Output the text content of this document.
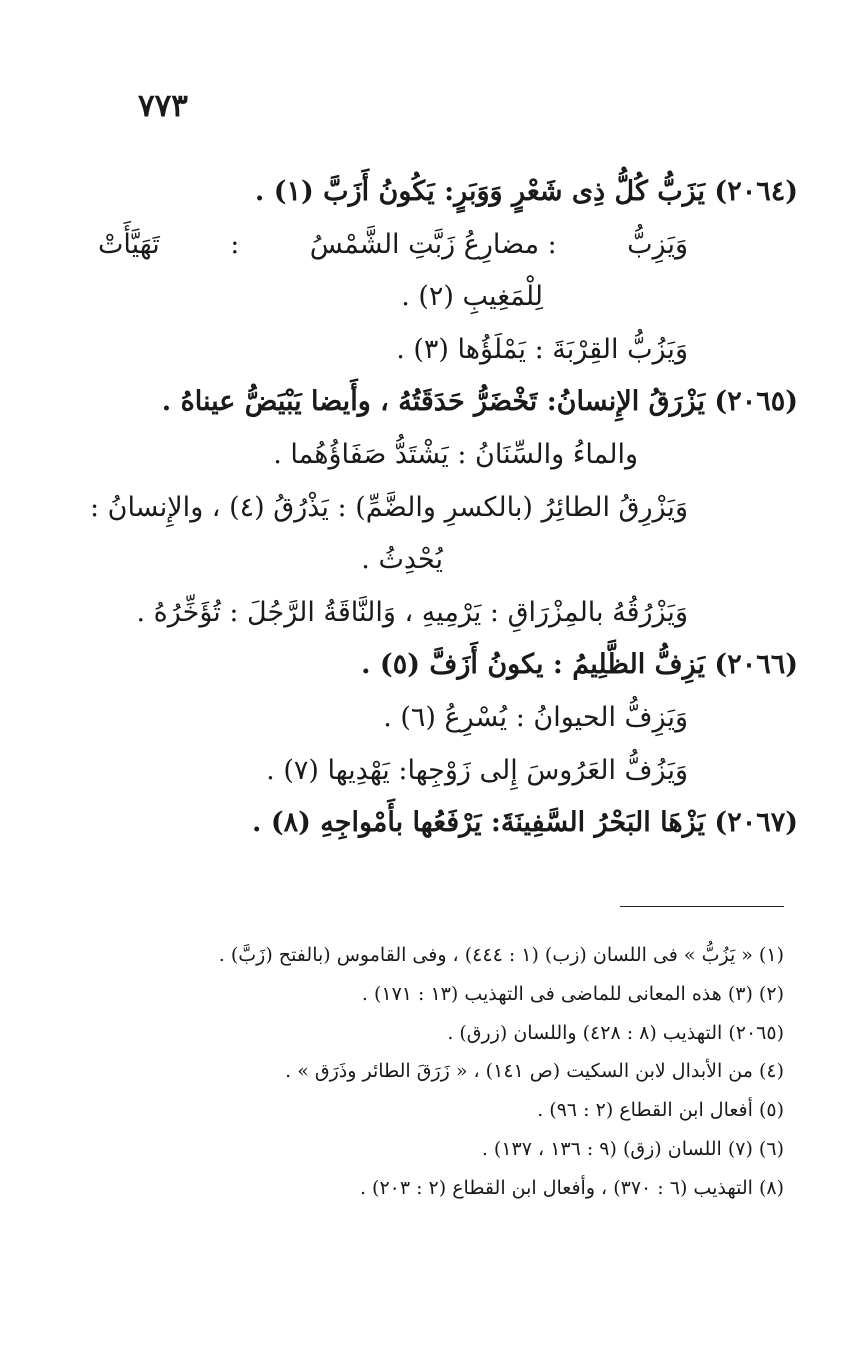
٧٧٣
(٢٠٦٤) يَزَبُّ كُلُّ ذِى شَعْرٍ وَوَبَرٍ: يَكُونُ أَزَبَّ (١) .
وَيَزِبُّ
: مضارِعُ زَبَّتِ الشَّمْسُ
:
تَهَيَّأَتْ
لِلْمَغِيبِ (٢) .
وَيَزُبُّ القِرْبَةَ : يَمْلَؤُها (٣) .
(٢٠٦٥) يَزْرَقُ الإِنسانُ: تَخْضَرُّ حَدَقَتُهُ ، وأَيضا يَبْيَضُّ عيناهُ .
والماءُ والسِّنَانُ : يَشْتَدُّ صَفَاؤُهُما .
وَيَزْرِقُ الطائِرُ (بالكسرِ والضَّمِّ) : يَذْرُقُ (٤) ، والإِنسانُ :
يُحْدِثُ .
وَيَزْرُقُهُ بالمِزْرَاقِ : يَرْمِيهِ ، وَالنَّاقَةُ الرَّجُلَ : تُؤَخِّرُهُ .
(٢٠٦٦) يَزِفُّ الظَّلِيمُ : يكونُ أَزَفَّ (٥) .
وَيَزِفُّ الحيوانُ : يُسْرِعُ (٦) .
وَيَزُفُّ العَرُوسَ إِلى زَوْجِها: يَهْدِيها (٧) .
(٢٠٦٧) يَزْهَا البَحْرُ السَّفِينَةَ: يَرْفَعُها بأَمْواجِهِ (٨) .
(١) « يَزُبُّ » فى اللسان (زب) (١ : ٤٤٤) ، وفى القاموس (بالفتح (زَبَّ) .
(٢) (٣) هذه المعانى للماضى فى التهذيب (١٣ : ١٧١) .
(٢٠٦٥) التهذيب (٨ : ٤٢٨) واللسان (زرق) .
(٤) من الأبدال لابن السكيت (ص ١٤١) ، « زَرَقَ الطائر وذَرَق » .
(٥) أفعال ابن القطاع (٢ : ٩٦) .
(٦) (٧) اللسان (زق) (٩ : ١٣٦ ، ١٣٧) .
(٨) التهذيب (٦ : ٣٧٠) ، وأفعال ابن القطاع (٢ : ٢٠٣) .
